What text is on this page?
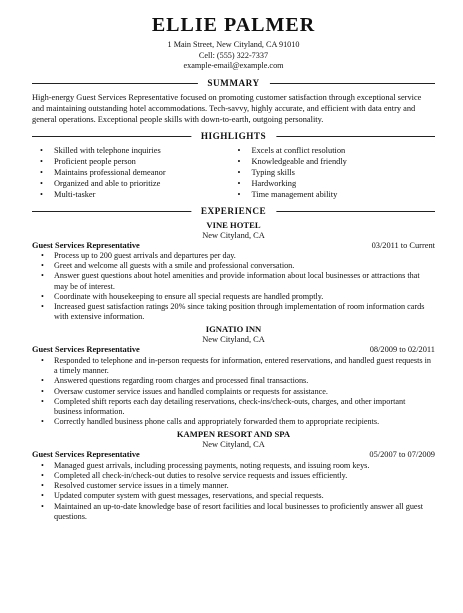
ELLIE PALMER
1 Main Street, New Cityland, CA 91010
Cell: (555) 322-7337
example-email@example.com
SUMMARY
High-energy Guest Services Representative focused on promoting customer satisfaction through exceptional service and maintaining outstanding hotel accommodations. Tech-savvy, highly accurate, and efficient with data entry and general operations. Exceptional people skills with down-to-earth, outgoing personality.
HIGHLIGHTS
• Skilled with telephone inquiries
• Proficient people person
• Maintains professional demeanor
• Organized and able to prioritize
• Multi-tasker
• Excels at conflict resolution
• Knowledgeable and friendly
• Typing skills
• Hardworking
• Time management ability
EXPERIENCE
VINE HOTEL
New Cityland, CA
Guest Services Representative	03/2011 to Current
• Process up to 200 guest arrivals and departures per day.
• Greet and welcome all guests with a smile and professional conversation.
• Answer guest questions about hotel amenities and provide information about local businesses or attractions that may be of interest.
• Coordinate with housekeeping to ensure all special requests are handled promptly.
• Increased guest satisfaction ratings 20% since taking position through implementation of room information cards with extensive information.
IGNATIO INN
New Cityland, CA
Guest Services Representative	08/2009 to 02/2011
• Responded to telephone and in-person requests for information, entered reservations, and handled guest requests in a timely manner.
• Answered questions regarding room charges and processed final transactions.
• Oversaw customer service issues and handled complaints or requests for assistance.
• Completed shift reports each day detailing reservations, check-ins/check-outs, charges, and other important business information.
• Correctly handled business phone calls and appropriately forwarded them to appropriate recipients.
KAMPEN RESORT AND SPA
New Cityland, CA
Guest Services Representative	05/2007 to 07/2009
• Managed guest arrivals, including processing payments, noting requests, and issuing room keys.
• Completed all check-in/check-out duties to resolve service requests and issues efficiently.
• Resolved customer service issues in a timely manner.
• Updated computer system with guest messages, reservations, and special requests.
• Maintained an up-to-date knowledge base of resort facilities and local businesses to proficiently answer all guest questions.
